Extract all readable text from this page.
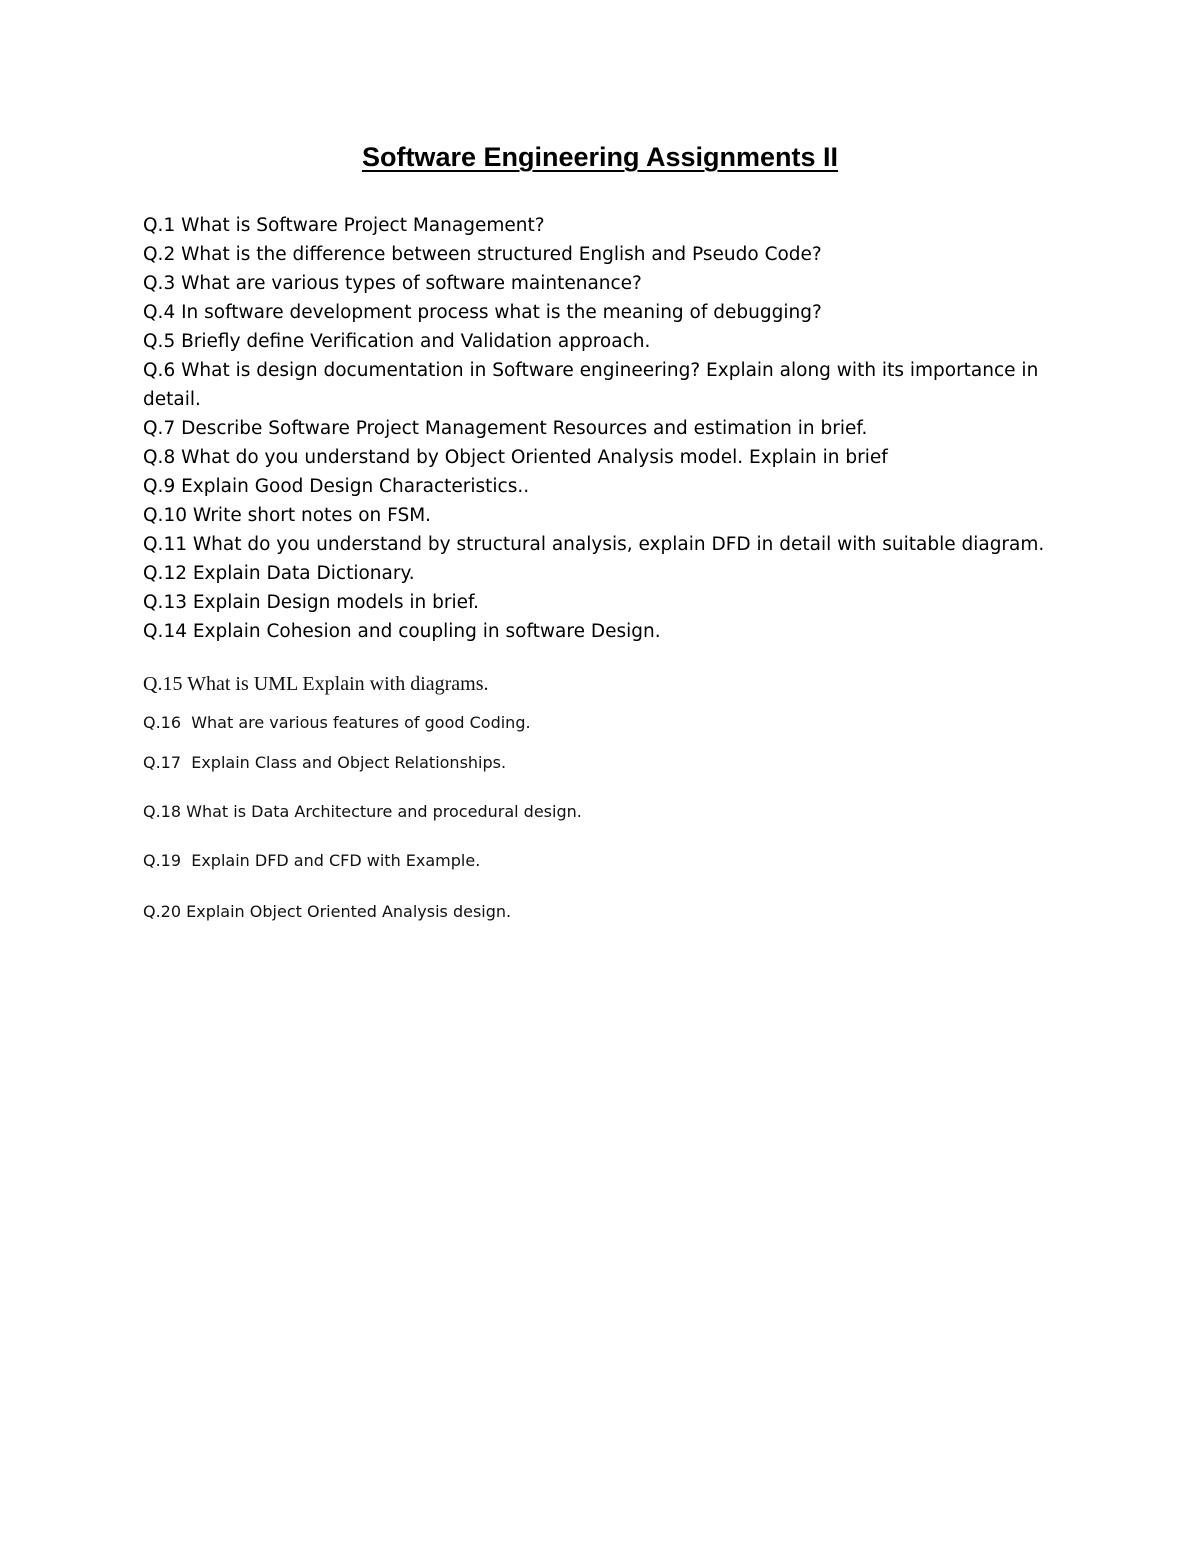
Software Engineering Assignments II
Q.1 What is Software Project Management?
Q.2 What is the difference between structured English and Pseudo Code?
Q.3 What are various types of software maintenance?
Q.4 In software development process what is the meaning of debugging?
Q.5 Briefly define Verification and Validation approach.
Q.6 What is design documentation in Software engineering? Explain along with its importance in detail.
Q.7 Describe Software Project Management Resources and estimation in brief.
Q.8 What do you understand by Object Oriented Analysis model. Explain in brief
Q.9 Explain Good Design Characteristics..
Q.10 Write short notes on FSM.
Q.11 What do you understand by structural analysis, explain DFD in detail with suitable diagram.
Q.12 Explain Data Dictionary.
Q.13 Explain Design models in brief.
Q.14 Explain Cohesion and coupling in software Design.

Q.15 What is UML Explain with diagrams.

Q.16  What are various features of good Coding.

Q.17  Explain Class and Object Relationships.

Q.18 What is Data Architecture and procedural design.

Q.19  Explain DFD and CFD with Example.

Q.20 Explain Object Oriented Analysis design.
